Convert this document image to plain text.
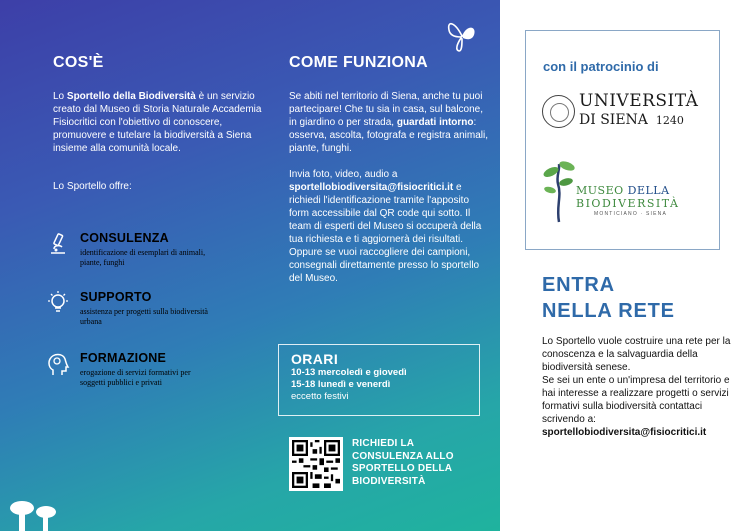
COS'È
Lo Sportello della Biodiversità è un servizio creato dal Museo di Storia Naturale Accademia Fisiocritici con l'obiettivo di conoscere, promuovere e tutelare la biodiversità a Siena insieme alla comunità locale.
Lo Sportello offre:
CONSULENZA
identificazione di esemplari di animali, piante, funghi
SUPPORTO
assistenza per progetti sulla biodiversità urbana
FORMAZIONE
erogazione di servizi formativi per soggetti pubblici e privati
COME FUNZIONA
Se abiti nel territorio di Siena, anche tu puoi partecipare! Che tu sia in casa, sul balcone, in giardino o per strada, guardati intorno: osserva, ascolta, fotografa e registra animali, piante, funghi.
Invia foto, video, audio a sportellobiodiversita@fisiocritici.it e richiedi l'identificazione tramite l'apposito form accessibile dal QR code qui sotto. Il team di esperti del Museo si occuperà della tua richiesta e ti aggiornerà dei risultati. Oppure se vuoi raccogliere dei campioni, consegnali direttamente presso lo sportello del Museo.
ORARI
10-13 mercoledì e giovedì
15-18 lunedì e venerdì
eccetto festivi
RICHIEDI LA CONSULENZA ALLO SPORTELLO DELLA BIODIVERSITÀ
con il patrocinio di
UNIVERSITÀ
DI SIENA 1240
MUSEO DELLA
BIODIVERSITÀ
MONTICIANO · SIENA
ENTRA
NELLA RETE
Lo Sportello vuole costruire una rete per la conoscenza e la salvaguardia della biodiversità senese.
Se sei un ente o un'impresa del territorio e hai interesse a realizzare progetti o servizi formativi sulla biodiversità contattaci scrivendo a:
sportellobiodiversita@fisiocritici.it
